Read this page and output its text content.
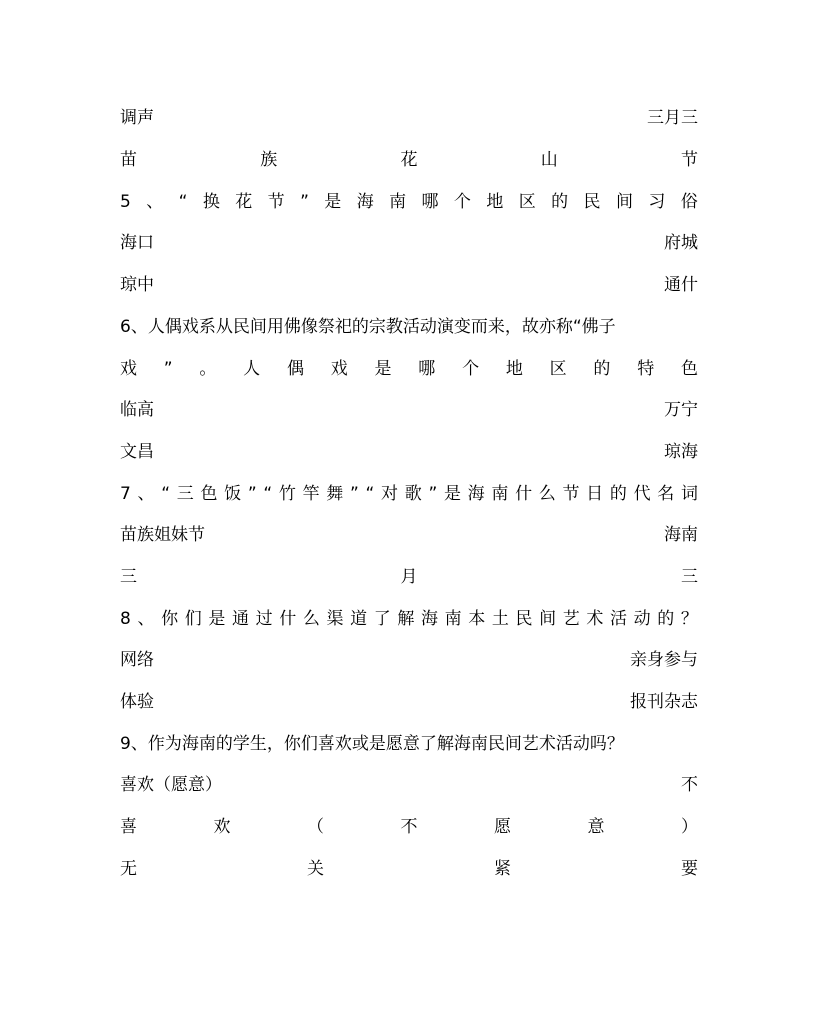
调声	三月三
苗	族	花	山	节
5 、 “ 换 花 节 ” 是 海 南 哪 个 地 区 的 民 间 习 俗
海口	府城
琼中	通什
6、人偶戏系从民间用佛像祭祀的宗教活动演变而来，故亦称“佛子
戏 ” 。 人 偶 戏 是 哪 个 地 区 的 特 色
临高	万宁
文昌	琼海
7 、 “ 三 色 饭 ” “ 竹 竿 舞 ” “ 对 歌 ” 是 海 南 什 么 节 日 的 代 名 词
苗族姐妹节	海南
三	月	三
8 、 你 们 是 通 过 什 么 渠 道 了 解 海 南 本 土 民 间 艺 术 活 动 的 ？
网络	亲身参与
体验	报刊杂志
9、作为海南的学生，你们喜欢或是愿意了解海南民间艺术活动吗？
喜欢（愿意）	不
喜	欢	（	不	愿	意	）
无	关	紧	要
